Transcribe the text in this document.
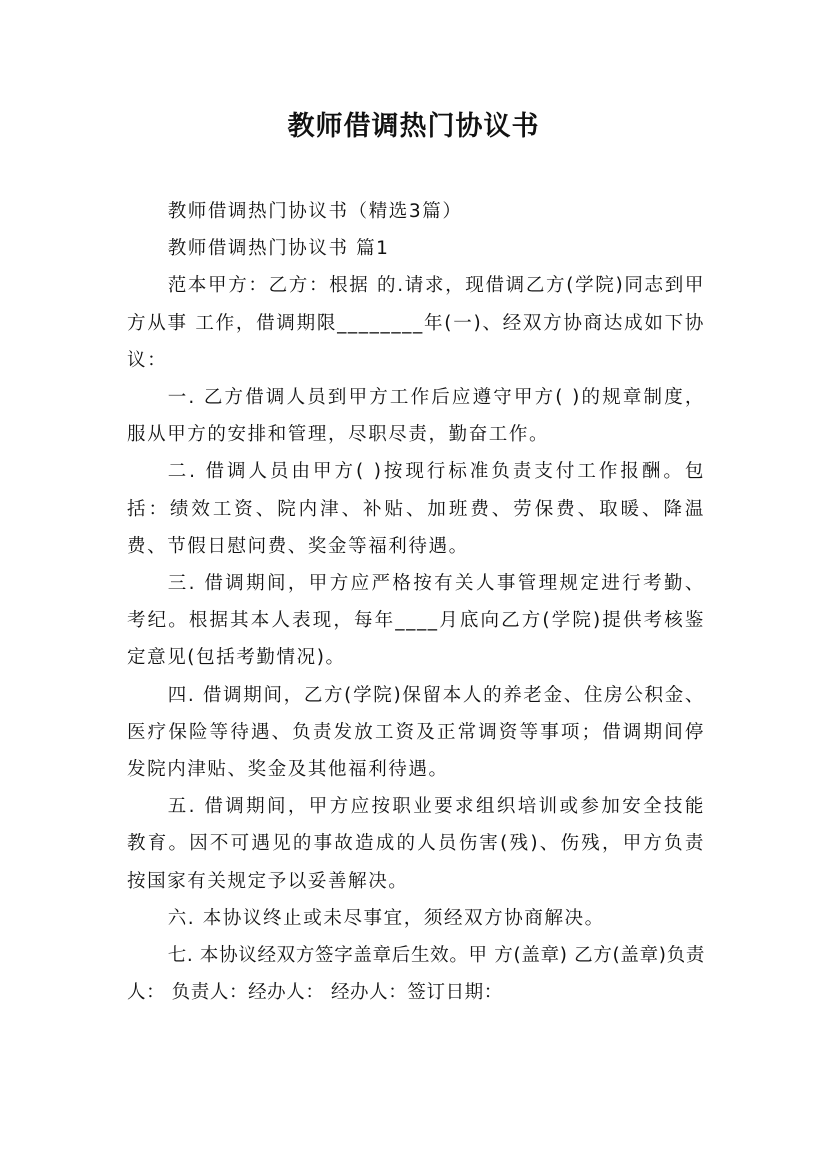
教师借调热门协议书

教师借调热门协议书（精选3篇）

教师借调热门协议书 篇1

范本甲方：乙方：根据 的.请求，现借调乙方(学院)同志到甲方从事 工作，借调期限________年(一)、经双方协商达成如下协议：

一. 乙方借调人员到甲方工作后应遵守甲方( )的规章制度，服从甲方的安排和管理，尽职尽责，勤奋工作。

二. 借调人员由甲方( )按现行标准负责支付工作报酬。包括：绩效工资、院内津、补贴、加班费、劳保费、取暖、降温费、节假日慰问费、奖金等福利待遇。

三. 借调期间，甲方应严格按有关人事管理规定进行考勤、考纪。根据其本人表现，每年____月底向乙方(学院)提供考核鉴定意见(包括考勤情况)。

四. 借调期间，乙方(学院)保留本人的养老金、住房公积金、医疗保险等待遇、负责发放工资及正常调资等事项；借调期间停发院内津贴、奖金及其他福利待遇。

五. 借调期间，甲方应按职业要求组织培训或参加安全技能教育。因不可遇见的事故造成的人员伤害(残)、伤残，甲方负责按国家有关规定予以妥善解决。

六. 本协议终止或未尽事宜，须经双方协商解决。

七. 本协议经双方签字盖章后生效。甲 方(盖章) 乙方(盖章)负责人： 负责人：经办人： 经办人：签订日期：
